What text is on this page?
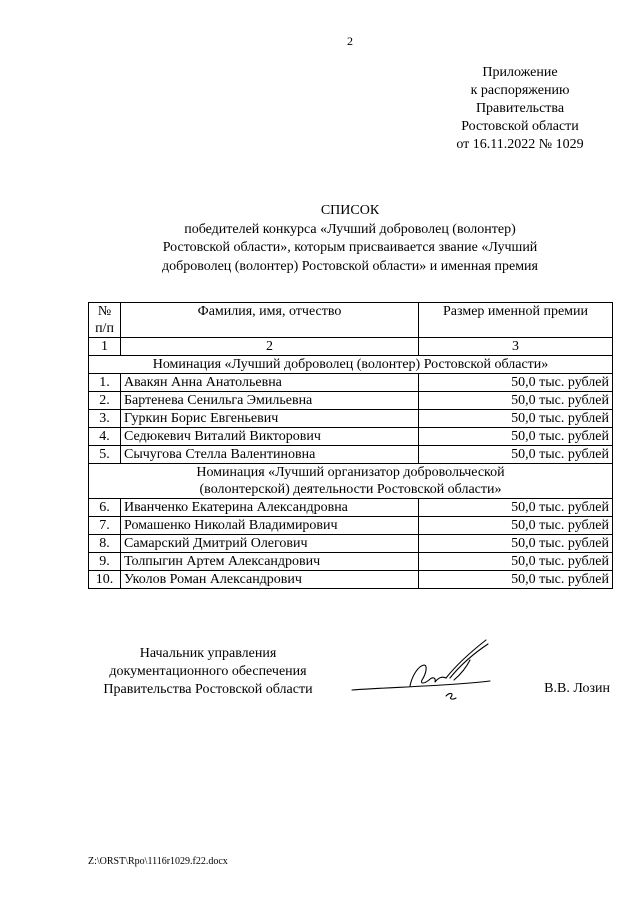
2
Приложение
к распоряжению
Правительства
Ростовской области
от 16.11.2022 № 1029
СПИСОК
победителей конкурса «Лучший доброволец (волонтер)
Ростовской области», которым присваивается звание «Лучший
доброволец (волонтер) Ростовской области» и именная премия
№
п/п	Фамилия, имя, отчество	Размер именной премии
1	2	3
Номинация «Лучший доброволец (волонтер) Ростовской области»		
1.	Авакян Анна Анатольевна	50,0 тыс. рублей
2.	Бартенева Сенильга Эмильевна	50,0 тыс. рублей
3.	Гуркин Борис Евгеньевич	50,0 тыс. рублей
4.	Седюкевич Виталий Викторович	50,0 тыс. рублей
5.	Сычугова Стелла Валентиновна	50,0 тыс. рублей
Номинация «Лучший организатор добровольческой
(волонтерской) деятельности Ростовской области»		
6.	Иванченко Екатерина Александровна	50,0 тыс. рублей
7.	Ромашенко Николай Владимирович	50,0 тыс. рублей
8.	Самарский Дмитрий Олегович	50,0 тыс. рублей
9.	Толпыгин Артем Александрович	50,0 тыс. рублей
10.	Уколов Роман Александрович	50,0 тыс. рублей
Начальник управления
документационного обеспечения
Правительства Ростовской области	В.В. Лозин
Z:\ORST\Rpo\1116r1029.f22.docx
